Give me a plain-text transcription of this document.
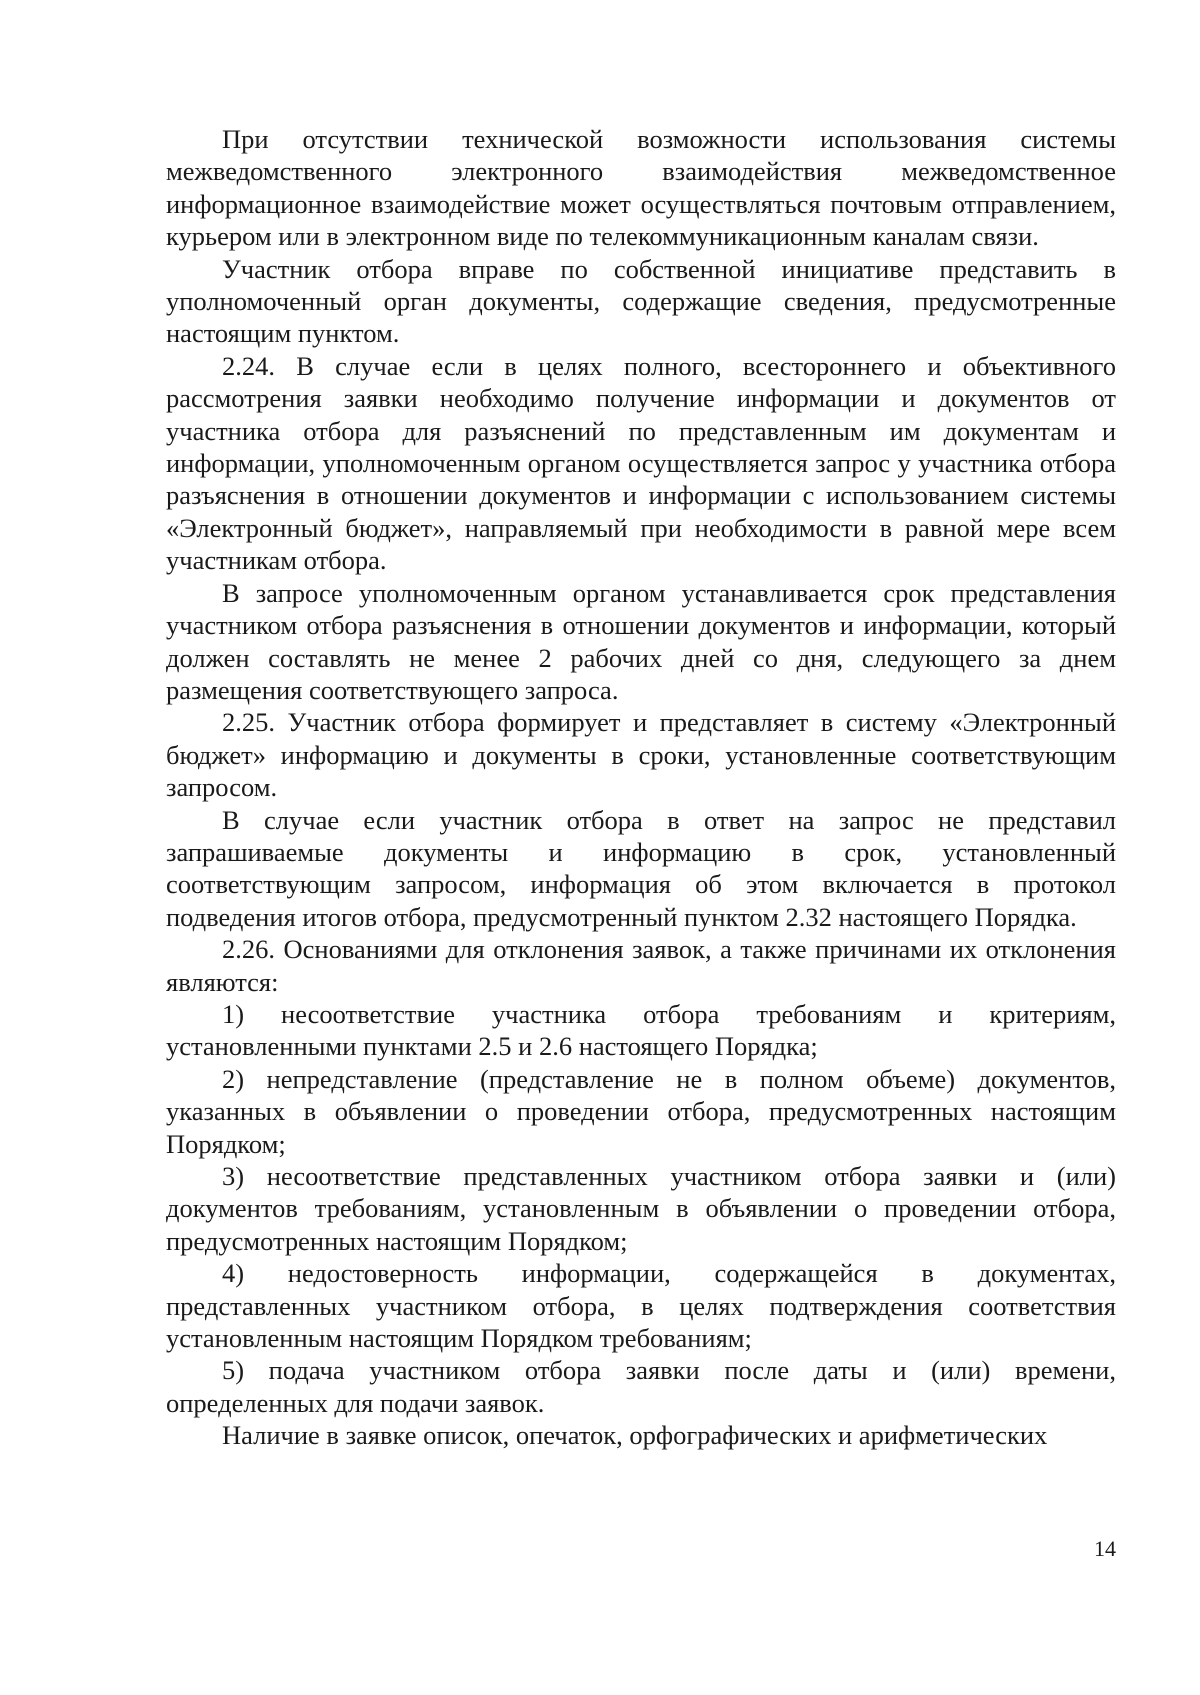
При отсутствии технической возможности использования системы межведомственного электронного взаимодействия межведомственное информационное взаимодействие может осуществляться почтовым отправлением, курьером или в электронном виде по телекоммуникационным каналам связи.

Участник отбора вправе по собственной инициативе представить в уполномоченный орган документы, содержащие сведения, предусмотренные настоящим пунктом.

2.24. В случае если в целях полного, всестороннего и объективного рассмотрения заявки необходимо получение информации и документов от участника отбора для разъяснений по представленным им документам и информации, уполномоченным органом осуществляется запрос у участника отбора разъяснения в отношении документов и информации с использованием системы «Электронный бюджет», направляемый при необходимости в равной мере всем участникам отбора.

В запросе уполномоченным органом устанавливается срок представления участником отбора разъяснения в отношении документов и информации, который должен составлять не менее 2 рабочих дней со дня, следующего за днем размещения соответствующего запроса.

2.25. Участник отбора формирует и представляет в систему «Электронный бюджет» информацию и документы в сроки, установленные соответствующим запросом.

В случае если участник отбора в ответ на запрос не представил запрашиваемые документы и информацию в срок, установленный соответствующим запросом, информация об этом включается в протокол подведения итогов отбора, предусмотренный пунктом 2.32 настоящего Порядка.

2.26. Основаниями для отклонения заявок, а также причинами их отклонения являются:

1) несоответствие участника отбора требованиям и критериям, установленными пунктами 2.5 и 2.6 настоящего Порядка;

2) непредставление (представление не в полном объеме) документов, указанных в объявлении о проведении отбора, предусмотренных настоящим Порядком;

3) несоответствие представленных участником отбора заявки и (или) документов требованиям, установленным в объявлении о проведении отбора, предусмотренных настоящим Порядком;

4) недостоверность информации, содержащейся в документах, представленных участником отбора, в целях подтверждения соответствия установленным настоящим Порядком требованиям;

5) подача участником отбора заявки после даты и (или) времени, определенных для подачи заявок.

Наличие в заявке описок, опечаток, орфографических и арифметических

14
